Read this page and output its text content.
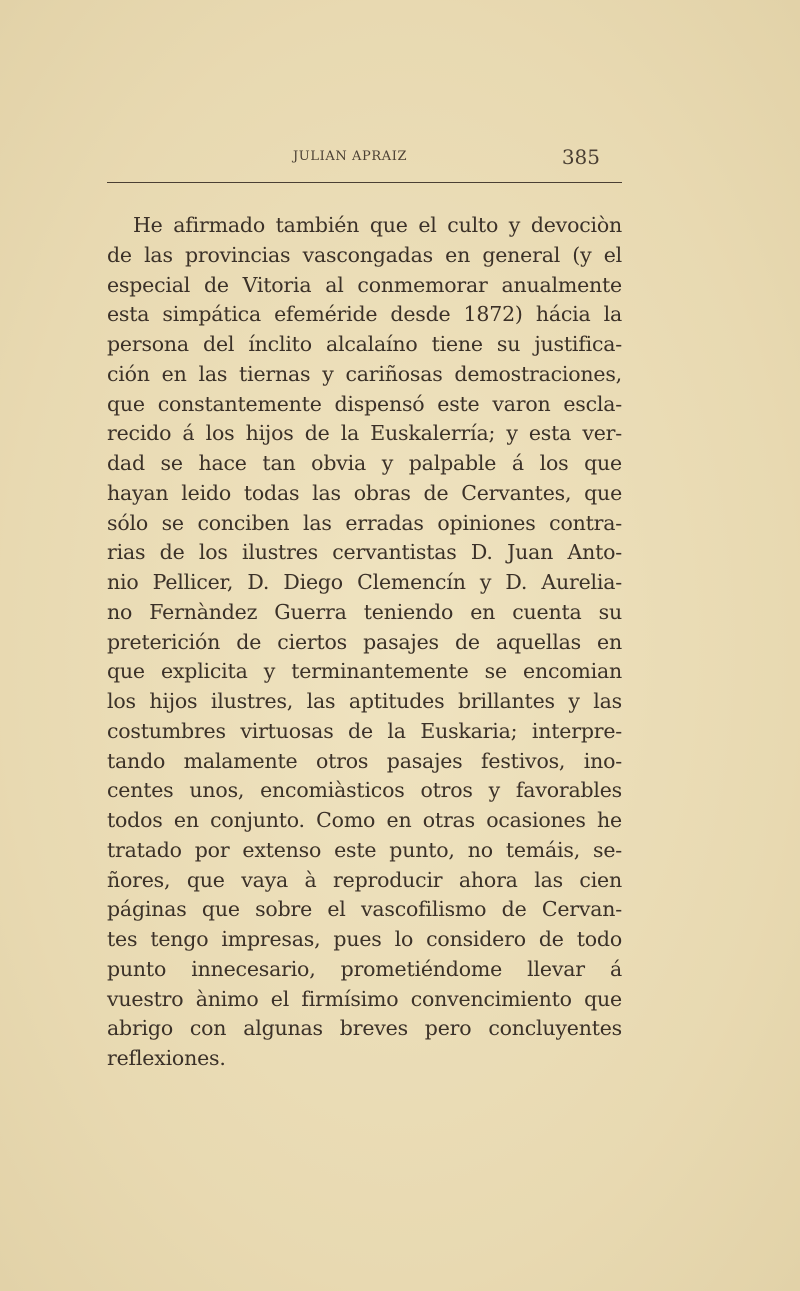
JULIAN APRAIZ	385
He afirmado también que el culto y devociòn
de las provincias vascongadas en general (y el
especial de Vitoria al conmemorar anualmente
esta simpática efeméride desde 1872) hácia la
persona del ínclito alcalaíno tiene su justifica-
ción en las tiernas y cariñosas demostraciones,
que constantemente dispensó este varon escla-
recido á los hijos de la Euskalerría; y esta ver-
dad se hace tan obvia y palpable á los que
hayan leido todas las obras de Cervantes, que
sólo se conciben las erradas opiniones contra-
rias de los ilustres cervantistas D. Juan Anto-
nio Pellicer, D. Diego Clemencín y D. Aurelia-
no Fernàndez Guerra teniendo en cuenta su
preterición de ciertos pasajes de aquellas en
que explicita y terminantemente se encomian
los hijos ilustres, las aptitudes brillantes y las
costumbres virtuosas de la Euskaria; interpre-
tando malamente otros pasajes festivos, ino-
centes unos, encomiàsticos otros y favorables
todos en conjunto. Como en otras ocasiones he
tratado por extenso este punto, no temáis, se-
ñores, que vaya à reproducir ahora las cien
páginas que sobre el vascofilismo de Cervan-
tes tengo impresas, pues lo considero de todo
punto innecesario, prometiéndome llevar á
vuestro ànimo el firmísimo convencimiento que
abrigo con algunas breves pero concluyentes
reflexiones.
